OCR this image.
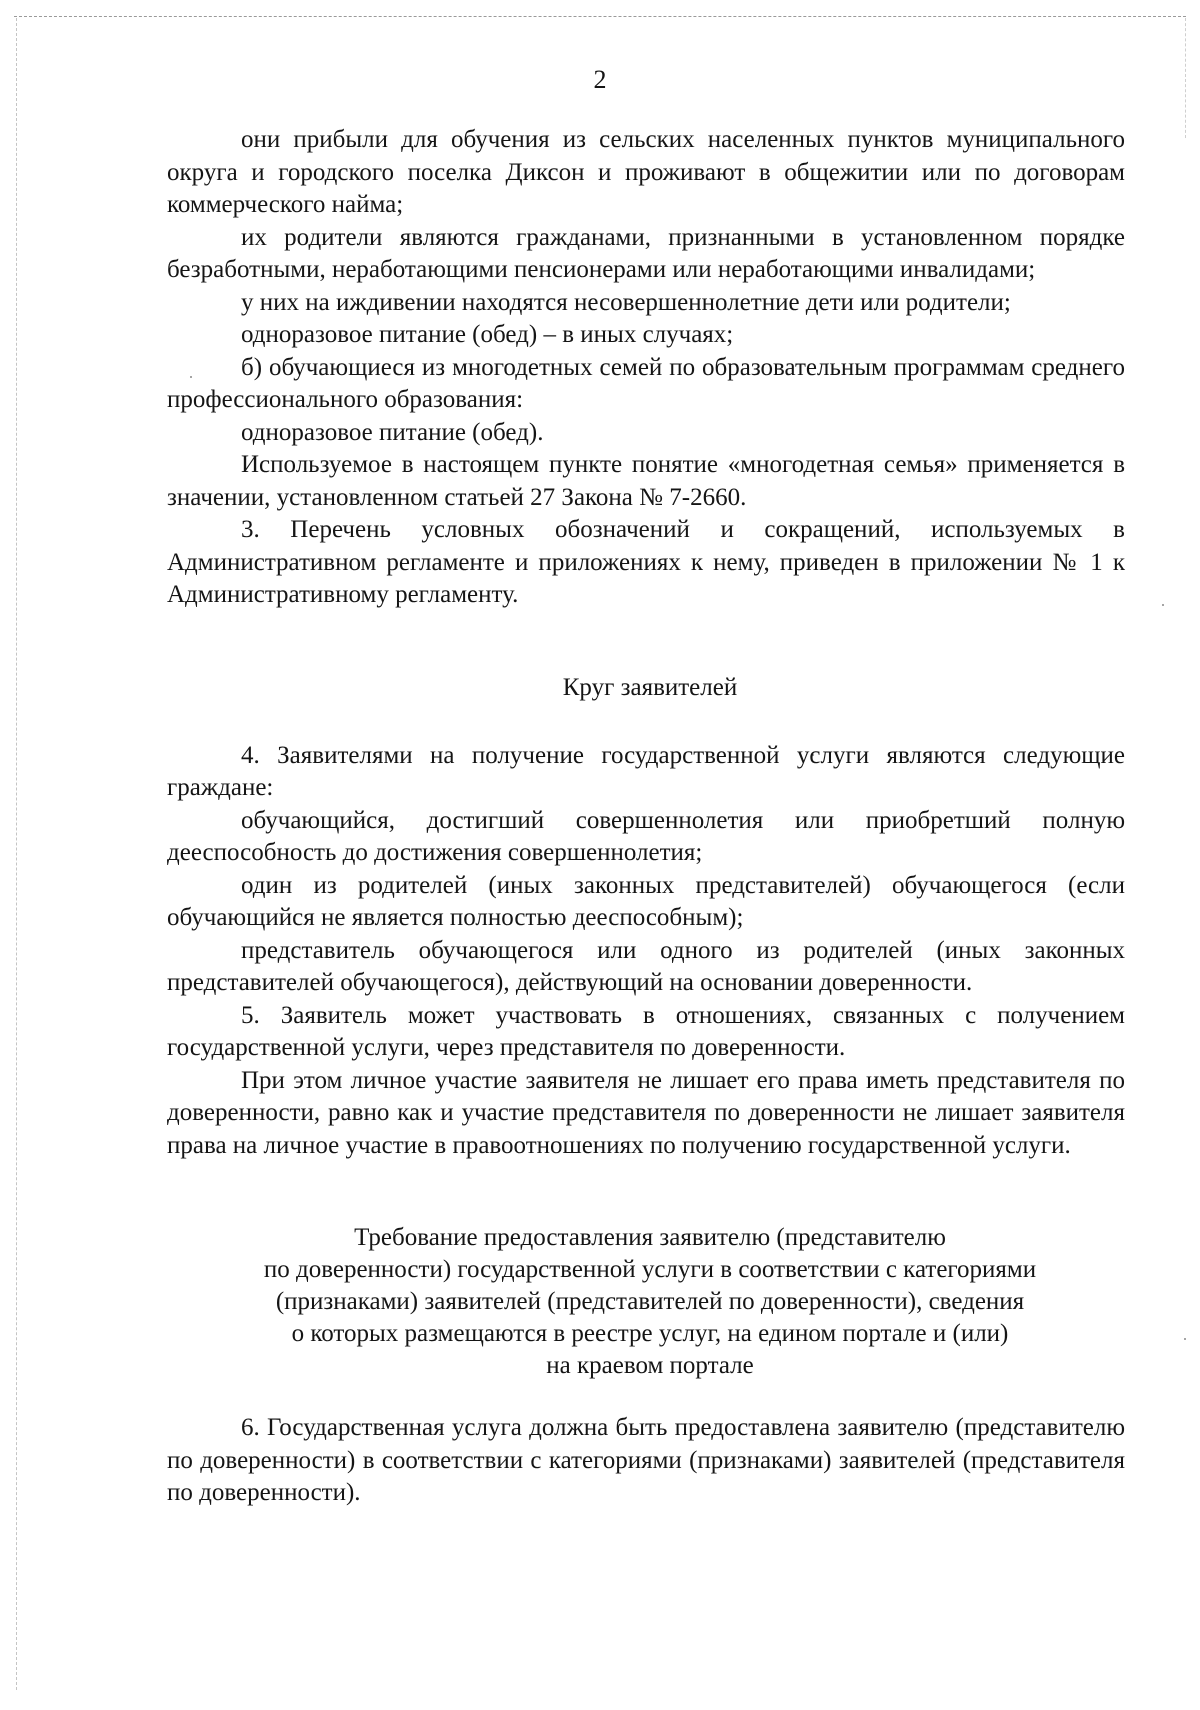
2

они прибыли для обучения из сельских населенных пунктов муниципального округа и городского поселка Диксон и проживают в общежитии или по договорам коммерческого найма;

их родители являются гражданами, признанными в установленном порядке безработными, неработающими пенсионерами или неработающими инвалидами;

у них на иждивении находятся несовершеннолетние дети или родители;

одноразовое питание (обед) – в иных случаях;

б) обучающиеся из многодетных семей по образовательным программам среднего профессионального образования:

одноразовое питание (обед).

Используемое в настоящем пункте понятие «многодетная семья» применяется в значении, установленном статьей 27 Закона № 7-2660.

3. Перечень условных обозначений и сокращений, используемых в Административном регламенте и приложениях к нему, приведен в приложении № 1 к Административному регламенту.

Круг заявителей

4. Заявителями на получение государственной услуги являются следующие граждане:

обучающийся, достигший совершеннолетия или приобретший полную дееспособность до достижения совершеннолетия;

один из родителей (иных законных представителей) обучающегося (если обучающийся не является полностью дееспособным);

представитель обучающегося или одного из родителей (иных законных представителей обучающегося), действующий на основании доверенности.

5. Заявитель может участвовать в отношениях, связанных с получением государственной услуги, через представителя по доверенности.

При этом личное участие заявителя не лишает его права иметь представителя по доверенности, равно как и участие представителя по доверенности не лишает заявителя права на личное участие в правоотношениях по получению государственной услуги.

Требование предоставления заявителю (представителю
по доверенности) государственной услуги в соответствии с категориями
(признаками) заявителей (представителей по доверенности), сведения
о которых размещаются в реестре услуг, на едином портале и (или)
на краевом портале

6. Государственная услуга должна быть предоставлена заявителю (представителю по доверенности) в соответствии с категориями (признаками) заявителей (представителя по доверенности).
